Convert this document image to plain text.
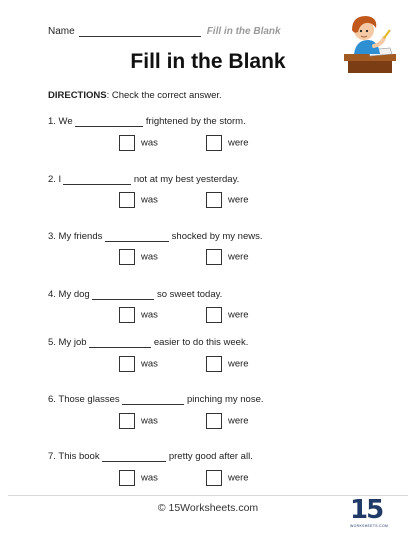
Name	Fill in the Blank
Fill in the Blank
DIRECTIONS: Check the correct answer.
1. We	frightened by the storm.
was	were
2. I	not at my best yesterday.
was	were
3. My friends	shocked by my news.
was	were
4. My dog	so sweet today.
was	were
5. My job	easier to do this week.
was	were
6. Those glasses	pinching my nose.
was	were
7. This book	pretty good after all.
was	were
© 15Worksheets.com	15
WORKSHEETS.COM
